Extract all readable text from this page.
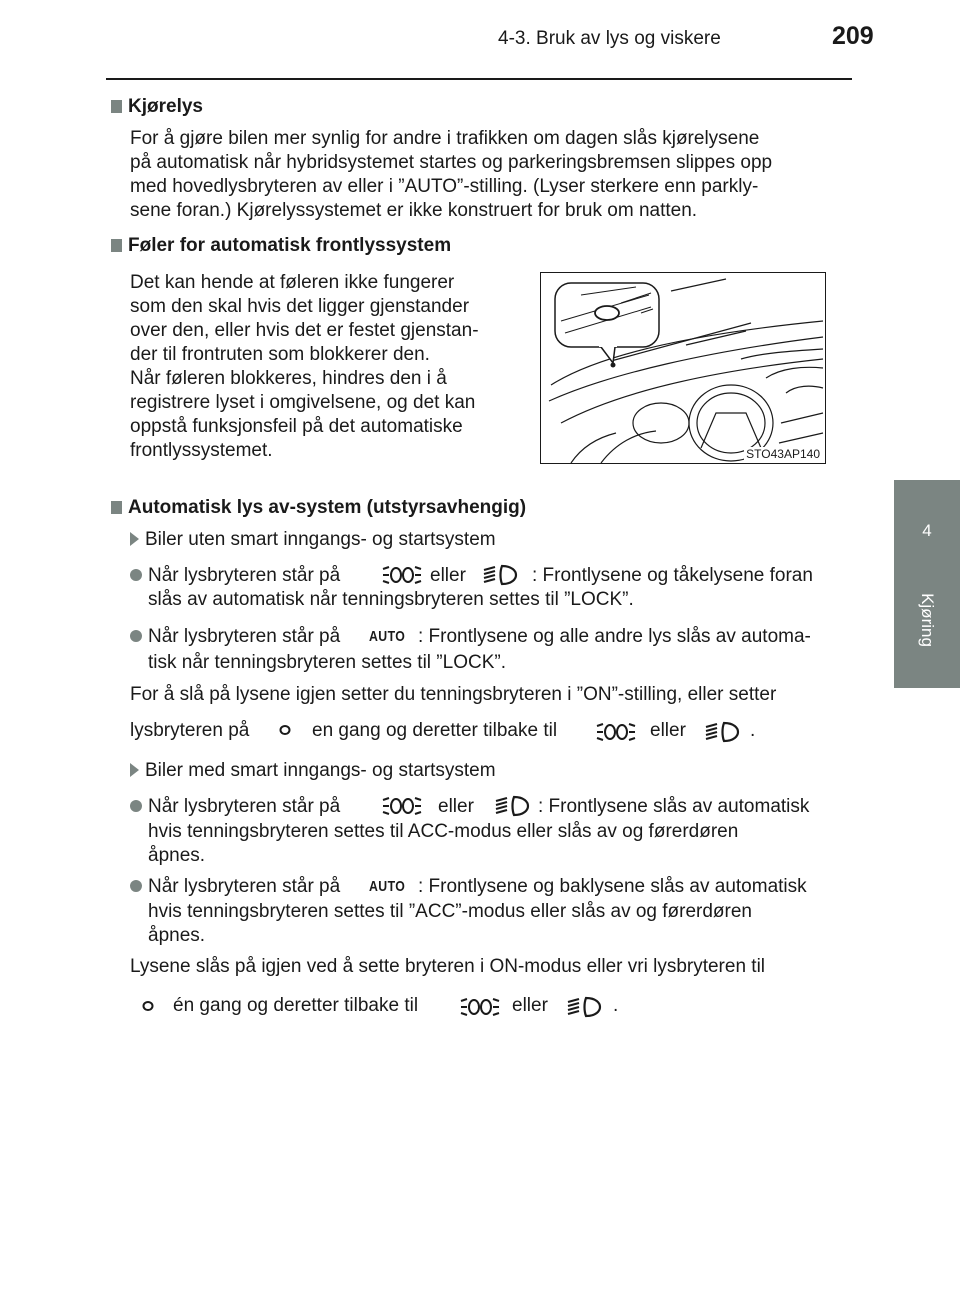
4-3. Bruk av lys og viskere	209
4
Kjøring
Kjørelys
For å gjøre bilen mer synlig for andre i trafikken om dagen slås kjørelysene
på automatisk når hybridsystemet startes og parkeringsbremsen slippes opp
med hovedlysbryteren av eller i ”AUTO”-stilling. (Lyser sterkere enn parkly-
sene foran.) Kjørelyssystemet er ikke konstruert for bruk om natten.
Føler for automatisk frontlyssystem
Det kan hende at føleren ikke fungerer
som den skal hvis det ligger gjenstander
over den, eller hvis det er festet gjenstan-
der til frontruten som blokkerer den.
Når føleren blokkeres, hindres den i å
registrere lyset i omgivelsene, og det kan
oppstå funksjonsfeil på det automatiske
frontlyssystemet.	STO43AP140
Automatisk lys av-system (utstyrsavhengig)
Biler uten smart inngangs- og startsystem
Når lysbryteren står på	eller	: Frontlysene og tåkelysene foran
slås av automatisk når tenningsbryteren settes til ”LOCK”.
Når lysbryteren står på AUTO : Frontlysene og alle andre lys slås av automa-
tisk når tenningsbryteren settes til ”LOCK”.
For å slå på lysene igjen setter du tenningsbryteren i ”ON”-stilling, eller setter
lysbryteren på	en gang og deretter tilbake til	eller	.
Biler med smart inngangs- og startsystem
Når lysbryteren står på	eller	: Frontlysene slås av automatisk
hvis tenningsbryteren settes til ACC-modus eller slås av og førerdøren
åpnes.
Når lysbryteren står på AUTO : Frontlysene og baklysene slås av automatisk
hvis tenningsbryteren settes til ”ACC”-modus eller slås av og førerdøren
åpnes.
Lysene slås på igjen ved å sette bryteren i ON-modus eller vri lysbryteren til
én gang og deretter tilbake til	eller	.
